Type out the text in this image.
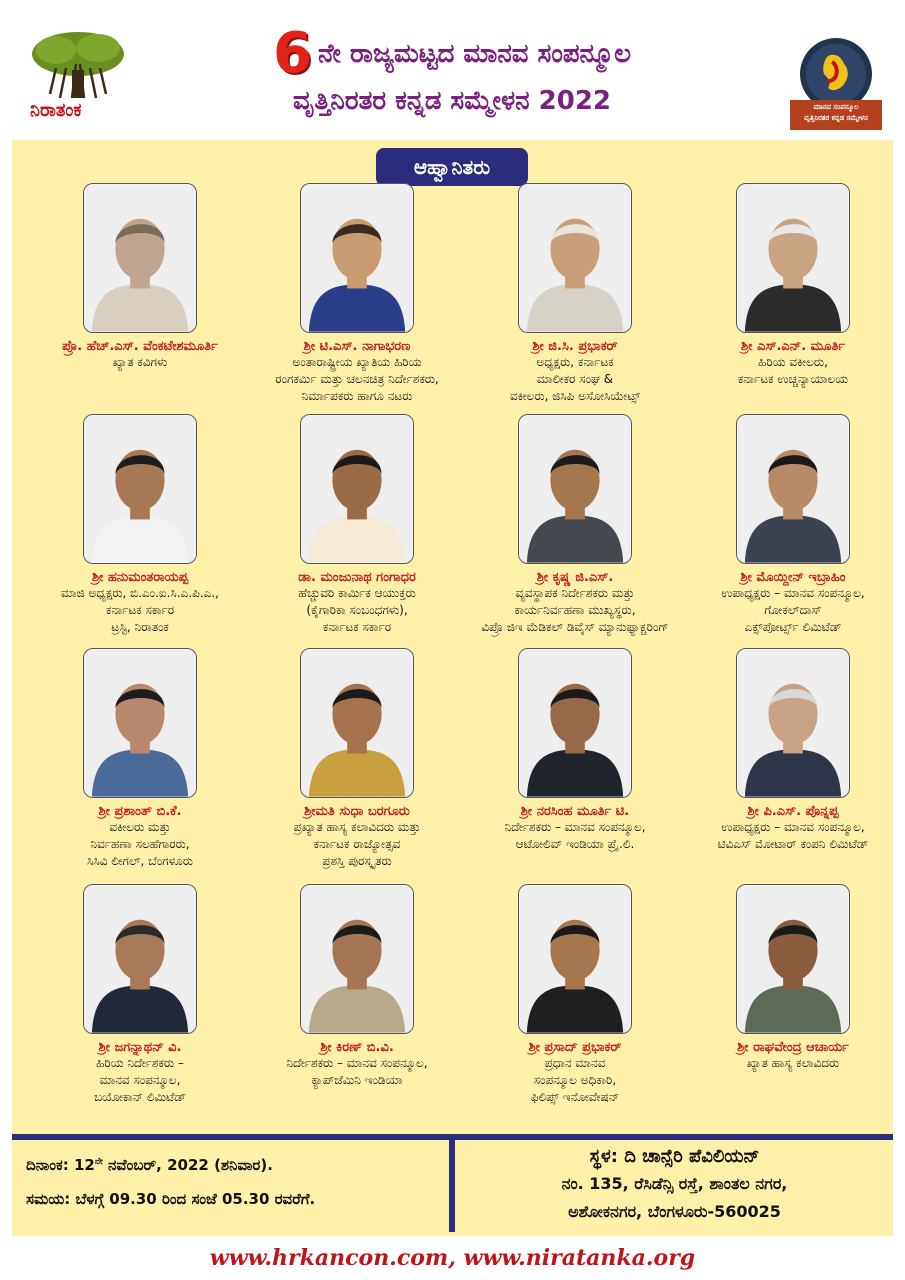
ನಿರಾತಂಕ
6 ನೇ ರಾಜ್ಯಮಟ್ಟದ ಮಾನವ ಸಂಪನ್ಮೂಲ
ವೃತ್ತಿನಿರತರ ಕನ್ನಡ ಸಮ್ಮೇಳನ 2022	ಮಾನವ ಸಂಪನ್ಮೂಲ
ವೃತ್ತಿನಿರತರ ಕನ್ನಡ ಸಮ್ಮೇಳನ
ಆಹ್ವಾನಿತರು
ಪ್ರೊ. ಹೆಚ್.ಎಸ್. ವೆಂಕಟೇಶಮೂರ್ತಿ
ಖ್ಯಾತ ಕವಿಗಳು
ಶ್ರೀ ಟಿ.ಎಸ್. ನಾಗಾಭರಣ
ಅಂತಾರಾಷ್ಟ್ರೀಯ ಖ್ಯಾತಿಯ ಹಿರಿಯ
ರಂಗಕರ್ಮಿ ಮತ್ತು ಚಲನಚಿತ್ರ ನಿರ್ದೇಶಕರು,
ನಿರ್ಮಾಪಕರು ಹಾಗೂ ನಟರು
ಶ್ರೀ ಜಿ.ಸಿ. ಪ್ರಭಾಕರ್
ಅಧ್ಯಕ್ಷರು, ಕರ್ನಾಟಕ
ಮಾಲೀಕರ ಸಂಘ &
ವಕೀಲರು, ಜಿಸಿಪಿ ಅಸೋಸಿಯೇಟ್ಸ್
ಶ್ರೀ ಎಸ್.ಎನ್. ಮೂರ್ತಿ
ಹಿರಿಯ ವಕೀಲರು,
ಕರ್ನಾಟಕ ಉಚ್ಚನ್ಯಾಯಾಲಯ
ಶ್ರೀ ಹನುಮಂತರಾಯಪ್ಪ
ಮಾಜಿ ಅಧ್ಯಕ್ಷರು, ಬಿ.ಎಂ.ಐ.ಸಿ.ಎ.ಪಿ.ಎ.,
ಕರ್ನಾಟಕ ಸರ್ಕಾರ
ಟ್ರಸ್ಟಿ, ನಿರಾತಂಕ
ಡಾ. ಮಂಜುನಾಥ ಗಂಗಾಧರ
ಹೆಚ್ಚುವರಿ ಕಾರ್ಮಿಕ ಆಯುಕ್ತರು
(ಕೈಗಾರಿಕಾ ಸಂಬಂಧಗಳು),
ಕರ್ನಾಟಕ ಸರ್ಕಾರ
ಶ್ರೀ ಕೃಷ್ಣ ಜಿ.ಎಸ್.
ವ್ಯವಸ್ಥಾಪಕ ನಿರ್ದೇಶಕರು ಮತ್ತು
ಕಾರ್ಯನಿರ್ವಹಣಾ ಮುಖ್ಯಸ್ಥರು,
ವಿಪ್ರೊ ಜಿಇ ಮೆಡಿಕಲ್ ಡಿವೈಸ್ ಮ್ಯಾನುಫ್ಯಾಕ್ಚರಿಂಗ್
ಶ್ರೀ ಮೊಯ್ದೀನ್ ಇಬ್ರಾಹಿಂ
ಉಪಾಧ್ಯಕ್ಷರು – ಮಾನವ ಸಂಪನ್ಮೂಲ,
ಗೋಕಲ್‌ದಾಸ್
ಎಕ್ಸ್‌ಪೋರ್ಟ್ಸ್ ಲಿಮಿಟೆಡ್
ಶ್ರೀ ಪ್ರಶಾಂತ್ ಬಿ.ಕೆ.
ವಕೀಲರು ಮತ್ತು
ನಿರ್ವಹಣಾ ಸಲಹೆಗಾರರು,
ಸಿಸಿವಿ ಲೀಗಲ್, ಬೆಂಗಳೂರು
ಶ್ರೀಮತಿ ಸುಧಾ ಬರಗೂರು
ಪ್ರಖ್ಯಾತ ಹಾಸ್ಯ ಕಲಾವಿದರು ಮತ್ತು
ಕರ್ನಾಟಕ ರಾಜ್ಯೋತ್ಸವ
ಪ್ರಶಸ್ತಿ ಪುರಸ್ಕೃತರು
ಶ್ರೀ ನರಸಿಂಹ ಮೂರ್ತಿ ಟಿ.
ನಿರ್ದೇಶಕರು – ಮಾನವ ಸಂಪನ್ಮೂಲ,
ಆಟೋಲಿವ್ ಇಂಡಿಯಾ ಪ್ರೈ.ಲಿ.
ಶ್ರೀ ಪಿ.ಎಸ್. ಪೊನ್ನಪ್ಪ
ಉಪಾಧ್ಯಕ್ಷರು – ಮಾನವ ಸಂಪನ್ಮೂಲ,
ಟಿವಿಎಸ್ ಮೋಟಾರ್ ಕಂಪನಿ ಲಿಮಿಟೆಡ್
ಶ್ರೀ ಜಗನ್ನಾಥನ್ ವಿ.
ಹಿರಿಯ ನಿರ್ದೇಶಕರು –
ಮಾನವ ಸಂಪನ್ಮೂಲ,
ಬಯೋಕಾನ್ ಲಿಮಿಟೆಡ್
ಶ್ರೀ ಕಿರಣ್ ಬಿ.ವಿ.
ನಿರ್ದೇಶಕರು – ಮಾನವ ಸಂಪನ್ಮೂಲ,
ಕ್ಯಾಪ್‌ಜೆಮಿನಿ ಇಂಡಿಯಾ
ಶ್ರೀ ಪ್ರಸಾದ್ ಪ್ರಭಾಕರ್
ಪ್ರಧಾನ ಮಾನವ
ಸಂಪನ್ಮೂಲ ಅಧಿಕಾರಿ,
ಫಿಲಿಪ್ಸ್ ಇನೋವೇಷನ್
ಶ್ರೀ ರಾಘವೇಂದ್ರ ಆಚಾರ್ಯ
ಖ್ಯಾತ ಹಾಸ್ಯ ಕಲಾವಿದರು
ದಿನಾಂಕ: $12^{ನೇ}$ ನವೆಂಬರ್, 2022 (ಶನಿವಾರ).
ಸಮಯ: ಬೆಳಗ್ಗೆ 09.30 ರಿಂದ ಸಂಜೆ 05.30 ರವರೆಗೆ.
ಸ್ಥಳ: ದಿ ಚಾನ್ಸೆರಿ ಪೆವಿಲಿಯನ್
ನಂ. 135, ರೆಸಿಡೆನ್ಸಿ ರಸ್ತೆ, ಶಾಂತಲ ನಗರ,
ಅಶೋಕನಗರ, ಬೆಂಗಳೂರು-560025
www.hrkancon.com, www.niratanka.org
